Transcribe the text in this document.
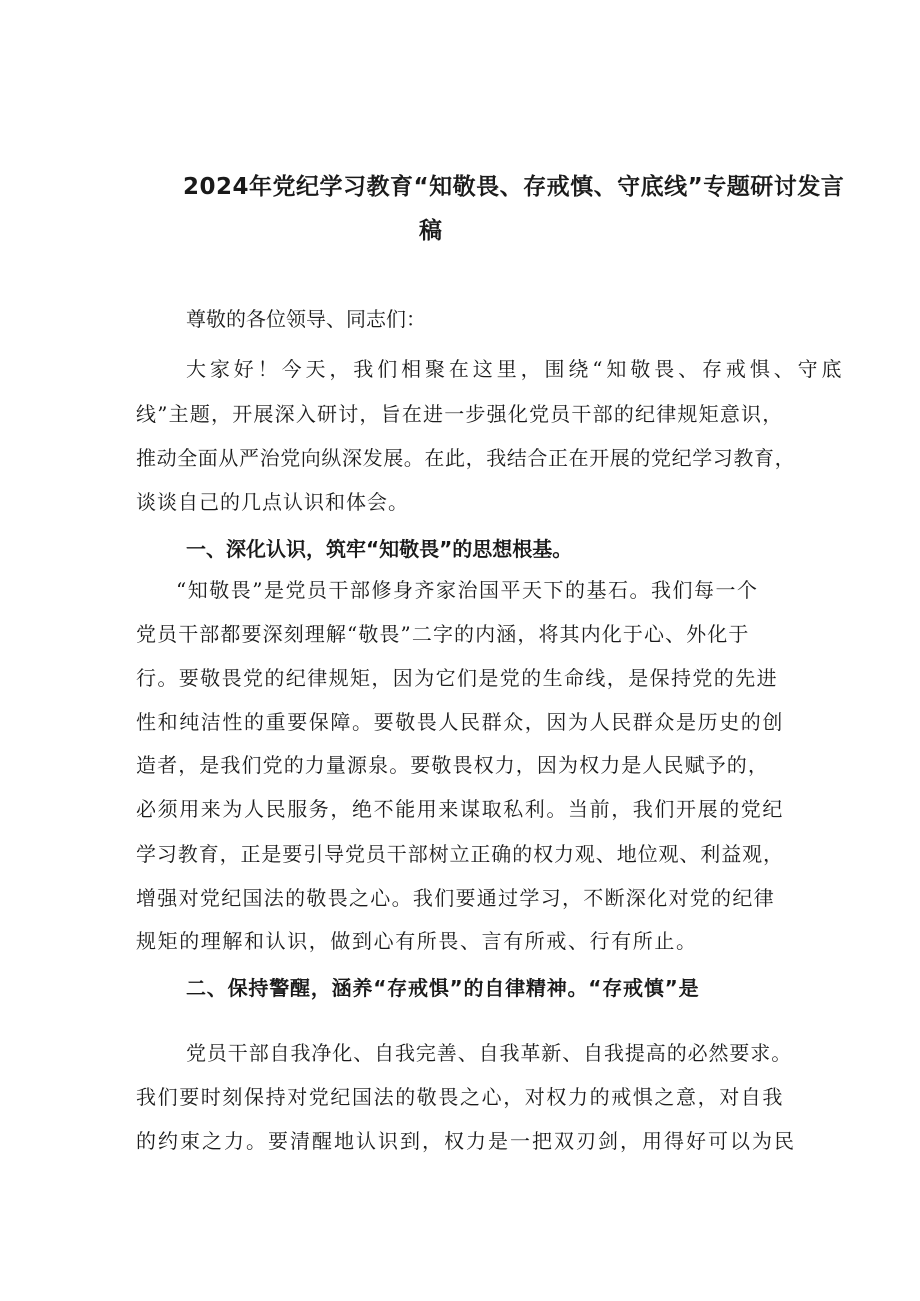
2024年党纪学习教育“知敬畏、存戒慎、守底线”专题研讨发言
稿
尊敬的各位领导、同志们：
大家好！今天，我们相聚在这里，围绕“知敬畏、存戒惧、守底
线”主题，开展深入研讨，旨在进一步强化党员干部的纪律规矩意识，
推动全面从严治党向纵深发展。在此，我结合正在开展的党纪学习教育，
谈谈自己的几点认识和体会。
一、深化认识，筑牢“知敬畏”的思想根基。
“知敬畏”是党员干部修身齐家治国平天下的基石。我们每一个
党员干部都要深刻理解“敬畏”二字的内涵，将其内化于心、外化于
行。要敬畏党的纪律规矩，因为它们是党的生命线，是保持党的先进
性和纯洁性的重要保障。要敬畏人民群众，因为人民群众是历史的创
造者，是我们党的力量源泉。要敬畏权力，因为权力是人民赋予的，
必须用来为人民服务，绝不能用来谋取私利。当前，我们开展的党纪
学习教育，正是要引导党员干部树立正确的权力观、地位观、利益观，
增强对党纪国法的敬畏之心。我们要通过学习，不断深化对党的纪律
规矩的理解和认识，做到心有所畏、言有所戒、行有所止。
二、保持警醒，涵养“存戒惧”的自律精神。“存戒慎”是
党员干部自我净化、自我完善、自我革新、自我提高的必然要求。
我们要时刻保持对党纪国法的敬畏之心，对权力的戒惧之意，对自我
的约束之力。要清醒地认识到，权力是一把双刃剑，用得好可以为民
